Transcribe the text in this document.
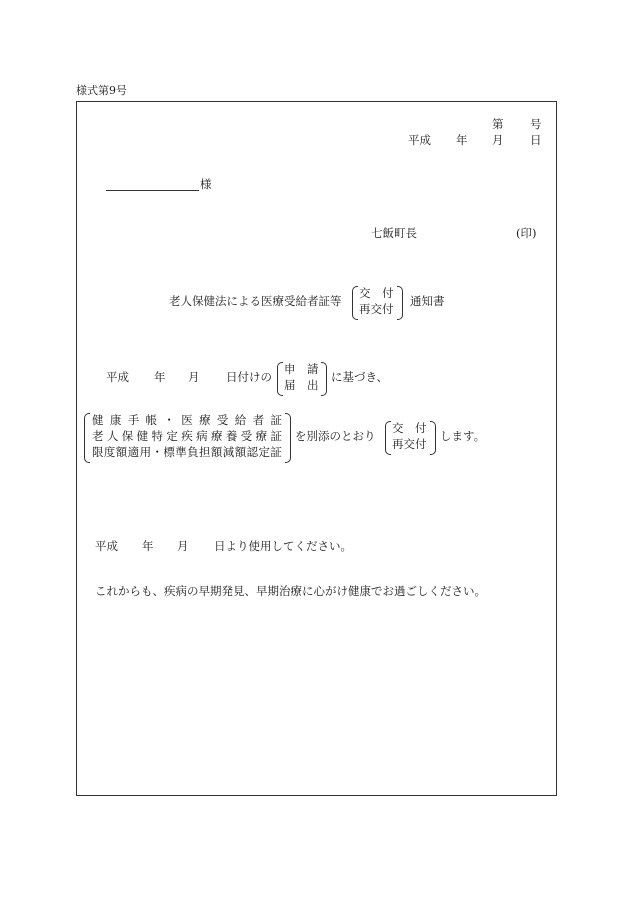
様式第9号
第 号
平成 年 月 日
様
七飯町長	(印)
老人保健法による医療受給者証等
交　付
再交付
通知書
平成 年 月 日付けの
申　請
届　出
に基づき、
健 康 手 帳 ・ 医 療 受 給 者 証
老 人 保 健 特 定 疾 病 療 養 受 療 証
限 度 額 適 用 ・ 標 準 負 担 額 減 額 認 定 証
を別添のとおり
交　付
再交付
します。
平成 年 月 日より使用してください。
これからも、疾病の早期発見、早期治療に心がけ健康でお過ごしください。
